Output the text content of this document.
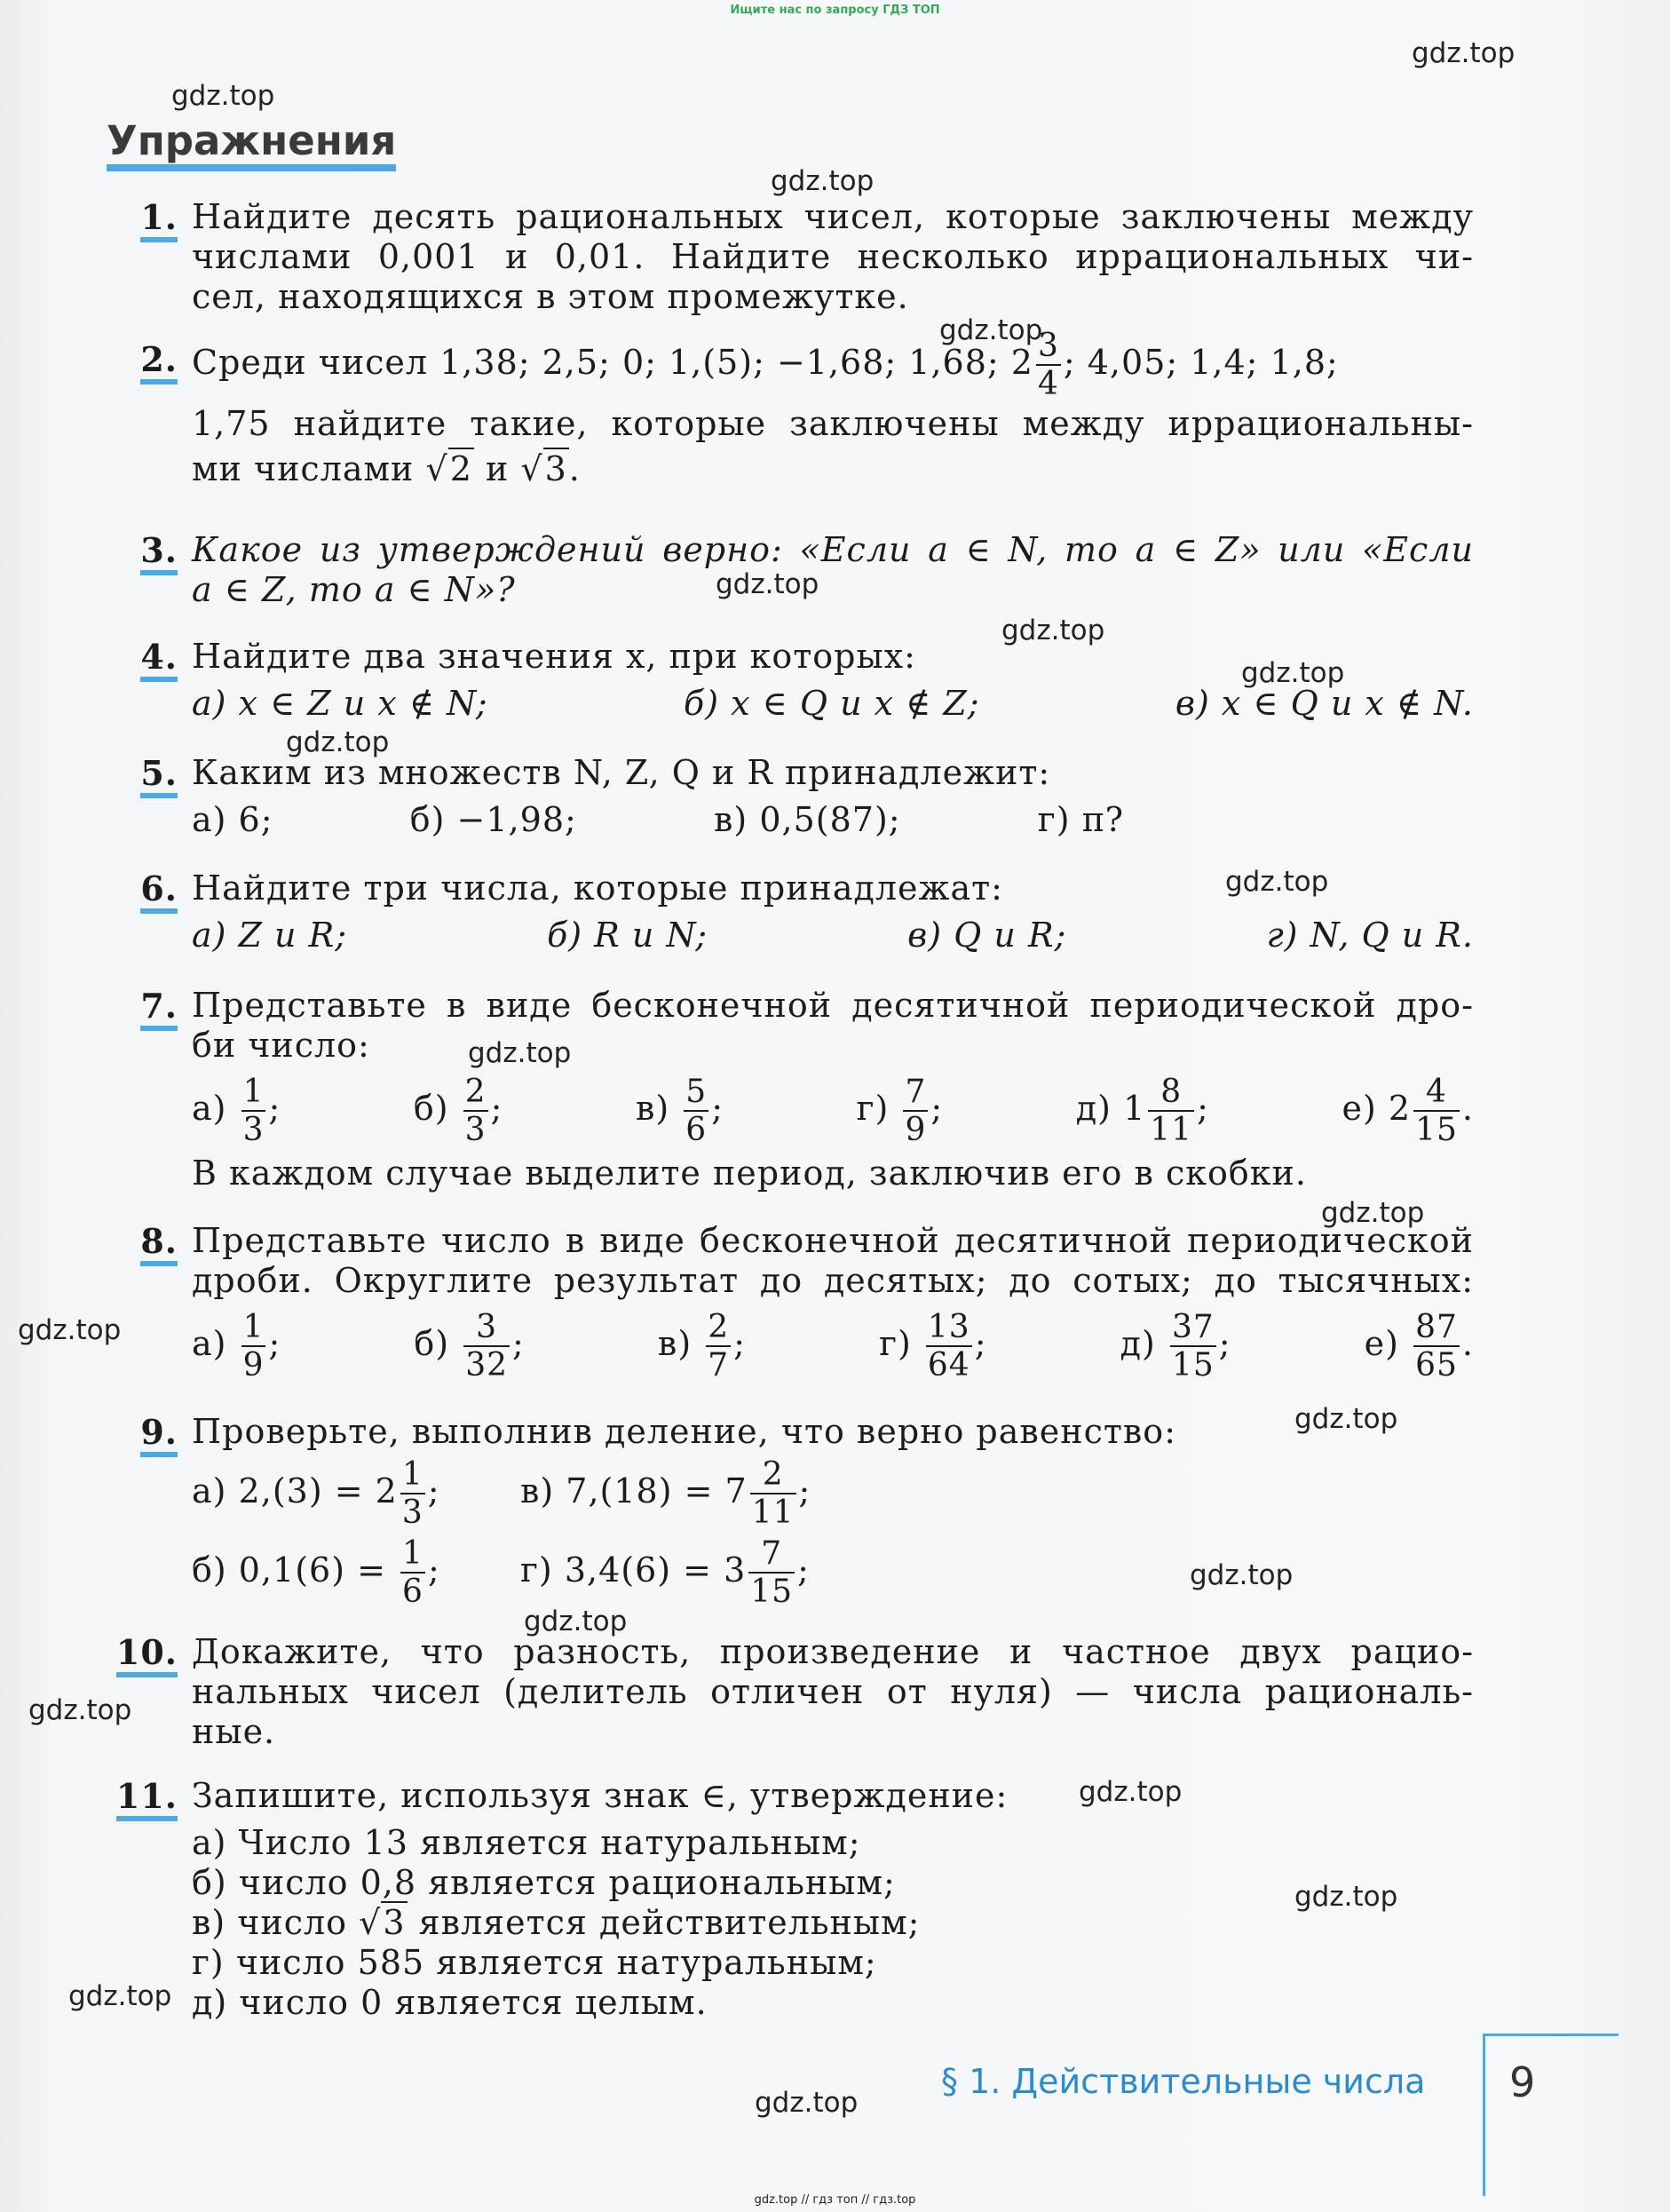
Ищите нас по запросу ГДЗ ТОП
gdz.top
gdz.top
gdz.top
gdz.top
gdz.top
gdz.top
gdz.top
gdz.top
gdz.top
gdz.top
gdz.top
gdz.top
gdz.top
gdz.top
gdz.top
gdz.top
gdz.top
gdz.top
gdz.top
gdz.top
Упражнения
1. Найдите десять рациональных чисел, которые заключены между
числами 0,001 и 0,01. Найдите несколько иррациональных чи-
сел, находящихся в этом промежутке.
2. Среди чисел 1,38; 2,5; 0; 1,(5); −1,68; 1,68; $2 \frac{3}{4}$ ; 4,05; 1,4; 1,8;
1,75 найдите такие, которые заключены между иррациональны-
ми числами √2 и √3.
3. Какое из утверждений верно: «Если a ∈ N, то a ∈ Z» или «Если
a ∈ Z, то a ∈ N»?
4. Найдите два значения x, при которых:
а) x ∈ Z и x ∉ N;	б) x ∈ Q и x ∉ Z;	в) x ∈ Q и x ∉ N.
5. Каким из множеств N, Z, Q и R принадлежит:
а) 6;	б) −1,98;	в) 0,5(87);	г) π?
6. Найдите три числа, которые принадлежат:
а) Z и R;	б) R и N;	в) Q и R;	г) N, Q и R.
7. Представьте в виде бесконечной десятичной периодической дро-
би число:
$а) \frac{1}{3}$ ;	$б) \frac{2}{3}$ ;	$в) \frac{5}{6}$ ;	$г) \frac{7}{9}$ ;	д) $1 \frac{8}{11}$ ;	е) $2 \frac{4}{15}$ .
В каждом случае выделите период, заключив его в скобки.
8. Представьте число в виде бесконечной десятичной периодической
дроби. Округлите результат до десятых; до сотых; до тысячных:
$а) \frac{1}{9}$ ;	$б) \frac{3}{32}$ ;	$в) \frac{2}{7}$ ;	$г) \frac{13}{64}$ ;	$д) \frac{37}{15}$ ;	$е) \frac{87}{65}$ .
9. Проверьте, выполнив деление, что верно равенство:
а) $2,(3) = 2 \frac{1}{3}$ ; в) $7,(18) = 7 \frac{2}{11}$ ;
б) $0,1(6) = \frac{1}{6}$ ; г) $3,4(6) = 3 \frac{7}{15}$ ;
10. Докажите, что разность, произведение и частное двух рацио-
нальных чисел (делитель отличен от нуля) — числа рациональ-
ные.
11. Запишите, используя знак ∈, утверждение:
а) Число 13 является натуральным;
б) число 0,8 является рациональным;
в) число √3 является действительным;
г) число 585 является натуральным;
д) число 0 является целым.
§ 1. Действительные числа 9
gdz.top // гдз топ // гдз.top
